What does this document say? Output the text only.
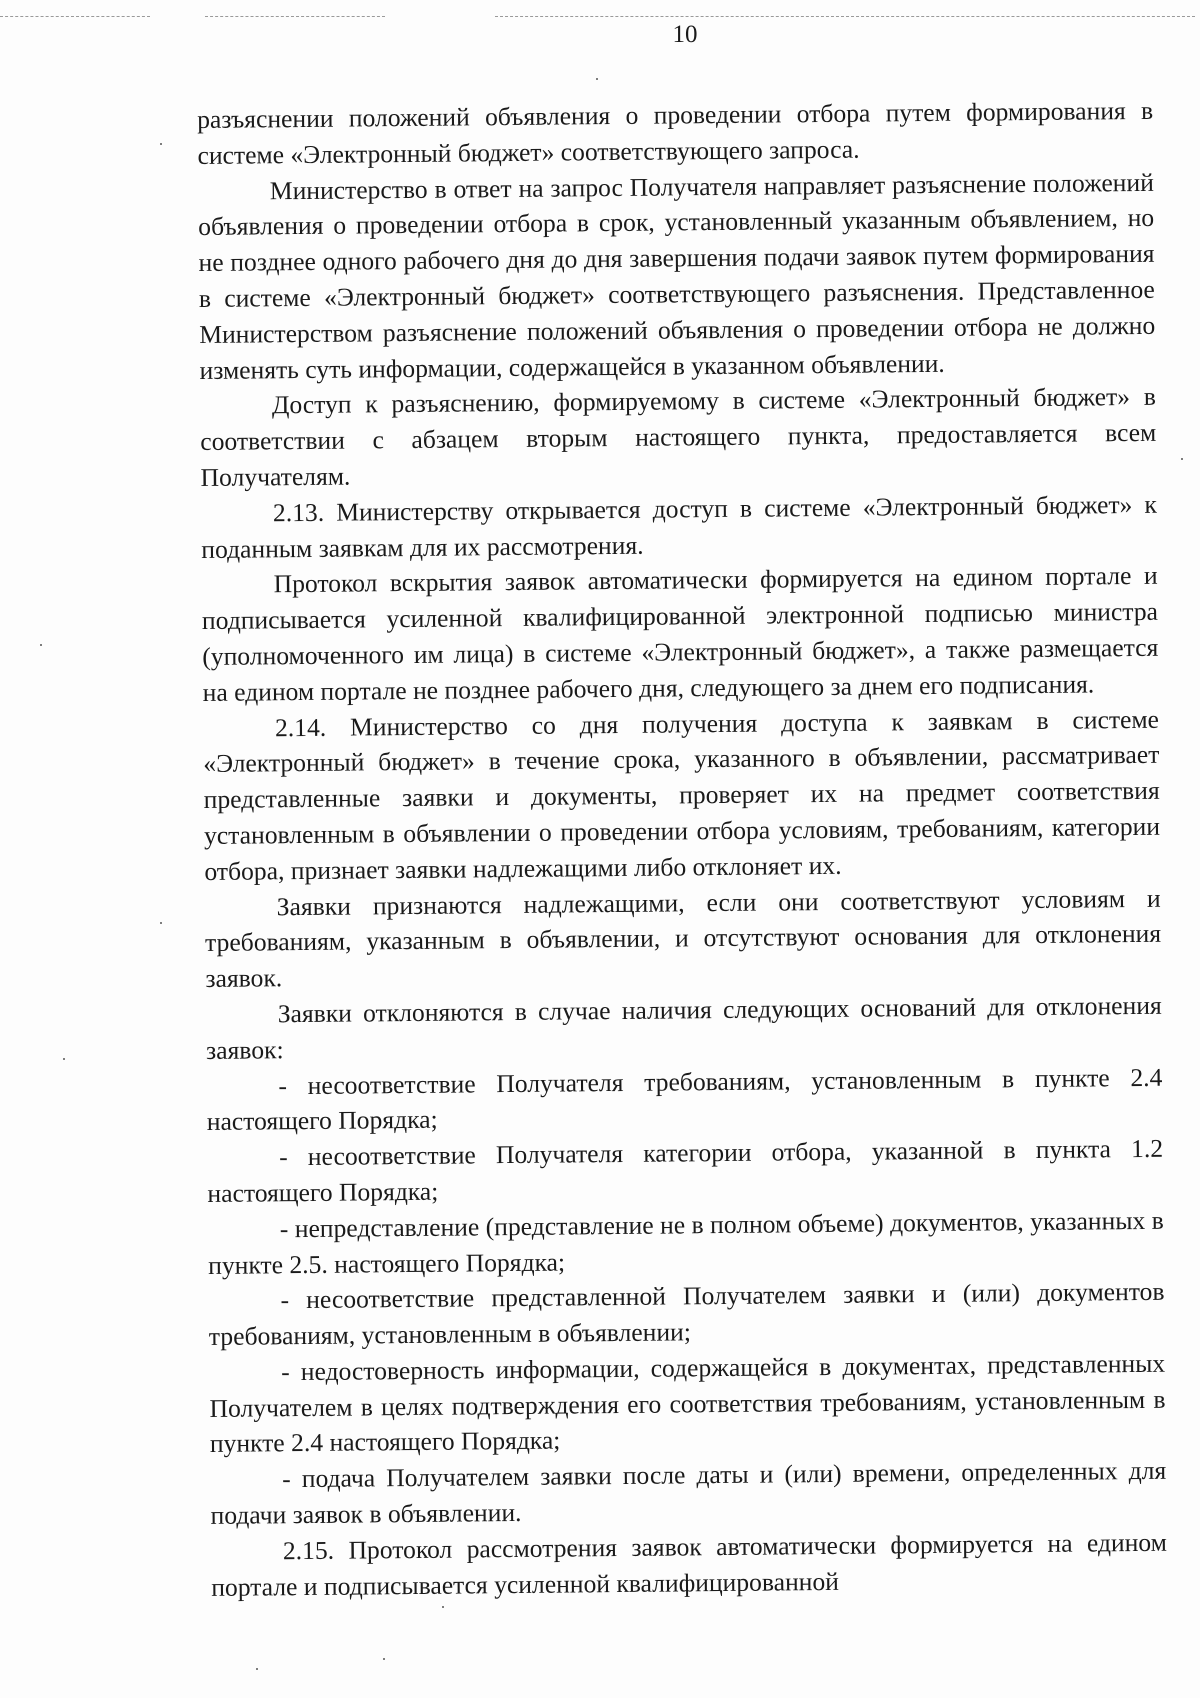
10

разъяснении положений объявления о проведении отбора путем формирования в системе «Электронный бюджет» соответствующего запроса.

Министерство в ответ на запрос Получателя направляет разъяснение положений объявления о проведении отбора в срок, установленный указанным объявлением, но не позднее одного рабочего дня до дня завершения подачи заявок путем формирования в системе «Электронный бюджет» соответствующего разъяснения. Представленное Министерством разъяснение положений объявления о проведении отбора не должно изменять суть информации, содержащейся в указанном объявлении.

Доступ к разъяснению, формируемому в системе «Электронный бюджет» в соответствии с абзацем вторым настоящего пункта, предоставляется всем Получателям.

2.13. Министерству открывается доступ в системе «Электронный бюджет» к поданным заявкам для их рассмотрения.

Протокол вскрытия заявок автоматически формируется на едином портале и подписывается усиленной квалифицированной электронной подписью министра (уполномоченного им лица) в системе «Электронный бюджет», а также размещается на едином портале не позднее рабочего дня, следующего за днем его подписания.

2.14. Министерство со дня получения доступа к заявкам в системе «Электронный бюджет» в течение срока, указанного в объявлении, рассматривает представленные заявки и документы, проверяет их на предмет соответствия установленным в объявлении о проведении отбора условиям, требованиям, категории отбора, признает заявки надлежащими либо отклоняет их.

Заявки признаются надлежащими, если они соответствуют условиям и требованиям, указанным в объявлении, и отсутствуют основания для отклонения заявок.

Заявки отклоняются в случае наличия следующих оснований для отклонения заявок:

- несоответствие Получателя требованиям, установленным в пункте 2.4 настоящего Порядка;

- несоответствие Получателя категории отбора, указанной в пункта 1.2 настоящего Порядка;

- непредставление (представление не в полном объеме) документов, указанных в пункте 2.5. настоящего Порядка;

- несоответствие представленной Получателем заявки и (или) документов требованиям, установленным в объявлении;

- недостоверность информации, содержащейся в документах, представленных Получателем в целях подтверждения его соответствия требованиям, установленным в пункте 2.4 настоящего Порядка;

- подача Получателем заявки после даты и (или) времени, определенных для подачи заявок в объявлении.

2.15. Протокол рассмотрения заявок автоматически формируется на едином портале и подписывается усиленной квалифицированной
